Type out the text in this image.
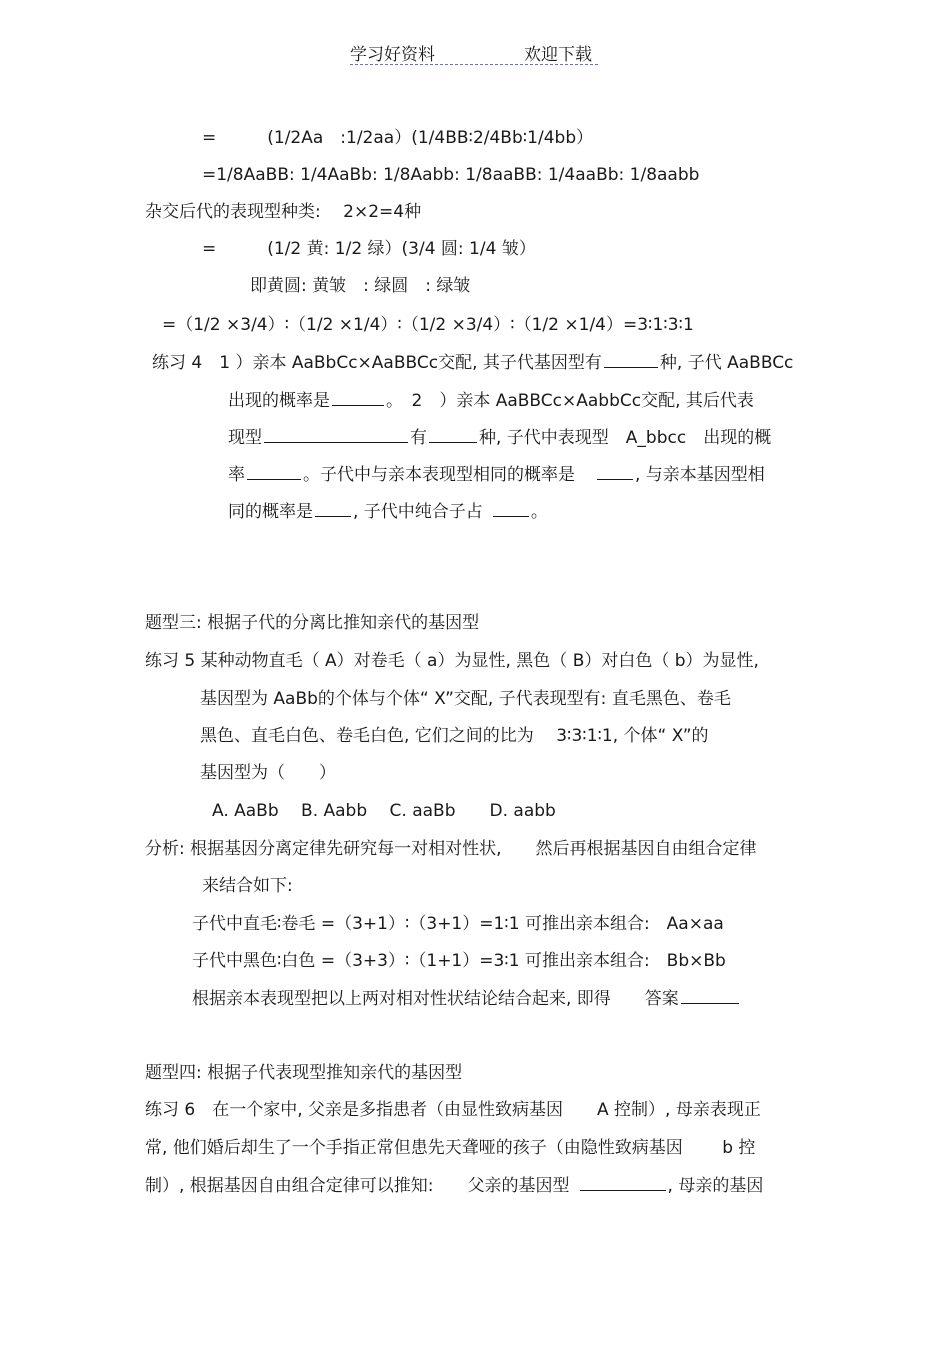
学习好资料	欢迎下载
=　　　(1/2Aa　:1/2aa）(1/4BB∶2/4Bb∶1/4bb）
=1/8AaBB: 1/4AaBb: 1/8Aabb: 1/8aaBB: 1/4aaBb: 1/8aabb
杂交后代的表现型种类:　 2×2=4种
=　　　(1/2 黄: 1/2 绿）(3/4 圆: 1/4 皱）
即黄圆: 黄皱　: 绿圆　: 绿皱
=（1/2 ×3/4）∶（1/2 ×1/4）∶（1/2 ×3/4）∶（1/2 ×1/4）=3∶1∶3∶1
练习 4　1 ）亲本 AaBbCc×AaBBCc交配, 其子代基因型有	种, 子代 AaBBCc
出现的概率是	。　2　）亲本 AaBBCc×AabbCc交配, 其后代表
现型	有	种, 子代中表现型　A_bbcc　出现的概
率	。子代中与亲本表现型相同的概率是	, 与亲本基因型相
同的概率是 , 子代中纯合子占	。
题型三: 根据子代的分离比推知亲代的基因型
练习 5 某种动物直毛（ A）对卷毛（ a）为显性, 黑色（ B）对白色（ b）为显性,
基因型为 AaBb的个体与个体“ X”交配, 子代表现型有: 直毛黑色、卷毛
黑色、直毛白色、卷毛白色, 它们之间的比为　 3∶3∶1∶1, 个体“ X”的
基因型为（　　）
A. AaBb　 B. Aabb　 C. aaBb　　D. aabb
分析: 根据基因分离定律先研究每一对相对性状,　　然后再根据基因自由组合定律
来结合如下:
子代中直毛∶卷毛 =（3+1）∶（3+1）=1∶1 可推出亲本组合:　Aa×aa
子代中黑色∶白色 =（3+3）∶（1+1）=3∶1 可推出亲本组合:　Bb×Bb
根据亲本表现型把以上两对相对性状结论结合起来, 即得　　答案
题型四: 根据子代表现型推知亲代的基因型
练习 6　在一个家中, 父亲是多指患者（由显性致病基因　　A 控制）, 母亲表现正
常, 他们婚后却生了一个手指正常但患先天聋哑的孩子（由隐性致病基因　　 b 控
制）, 根据基因自由组合定律可以推知:　　父亲的基因型	, 母亲的基因
